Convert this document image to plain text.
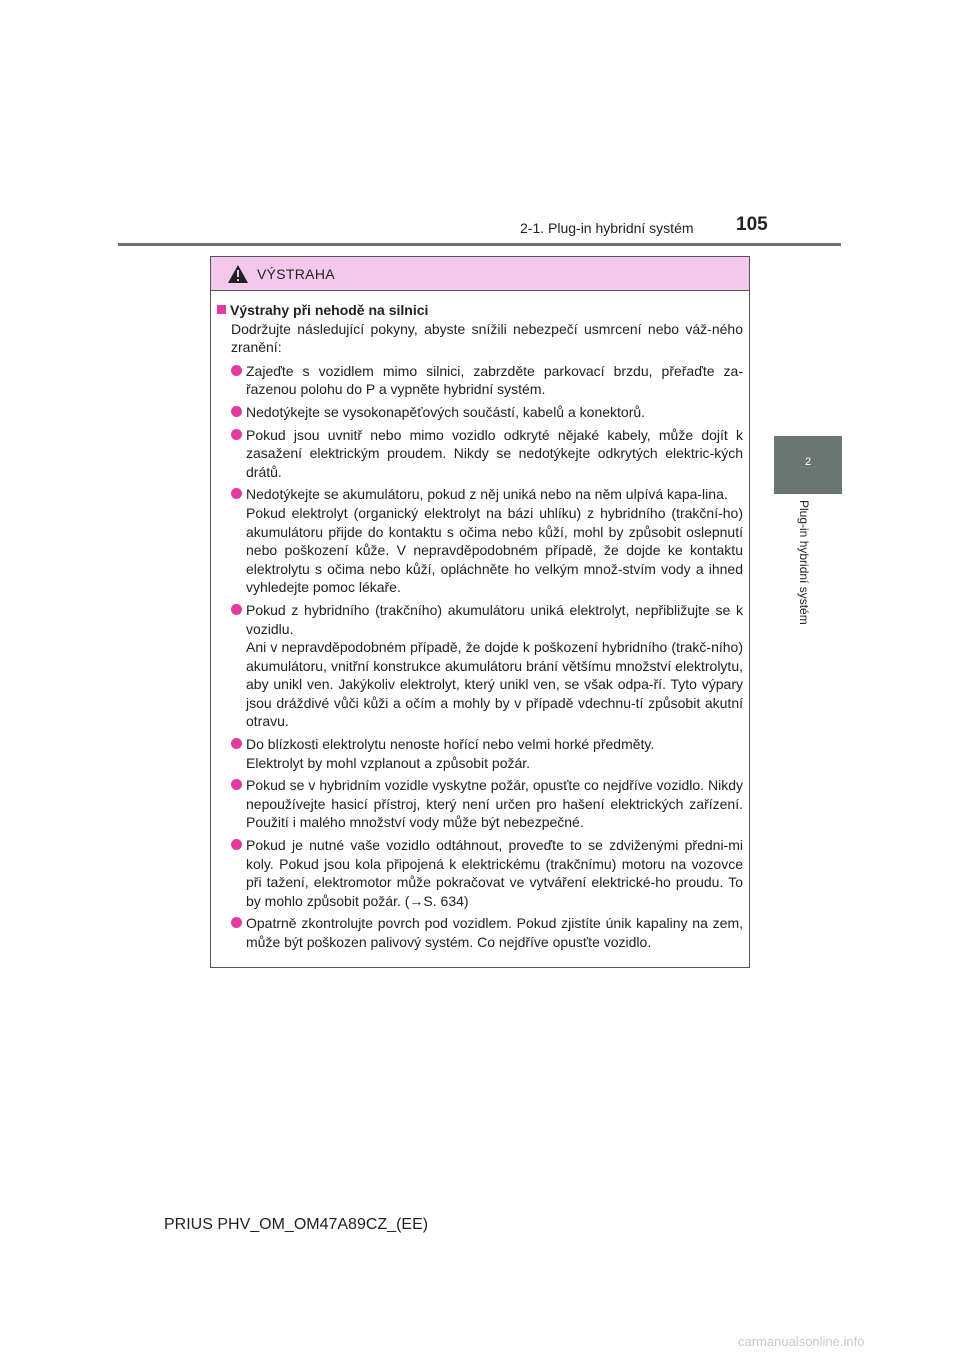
2-1. Plug-in hybridní systém	105
2
Plug-in hybridní systém
VÝSTRAHA
Výstrahy při nehodě na silnici
Dodržujte následující pokyny, abyste snížili nebezpečí usmrcení nebo váž-ného zranění:

Zajeďte s vozidlem mimo silnici, zabrzděte parkovací brzdu, přeřaďte za-řazenou polohu do P a vypněte hybridní systém.

Nedotýkejte se vysokonapěťových součástí, kabelů a konektorů.

Pokud jsou uvnitř nebo mimo vozidlo odkryté nějaké kabely, může dojít k zasažení elektrickým proudem. Nikdy se nedotýkejte odkrytých elektric-kých drátů.

Nedotýkejte se akumulátoru, pokud z něj uniká nebo na něm ulpívá kapa-lina.

Pokud elektrolyt (organický elektrolyt na bázi uhlíku) z hybridního (trakční-ho) akumulátoru přijde do kontaktu s očima nebo kůží, mohl by způsobit oslepnutí nebo poškození kůže. V nepravděpodobném případě, že dojde ke kontaktu elektrolytu s očima nebo kůží, opláchněte ho velkým množ-stvím vody a ihned vyhledejte pomoc lékaře.

Pokud z hybridního (trakčního) akumulátoru uniká elektrolyt, nepřibližujte se k vozidlu.

Ani v nepravděpodobném případě, že dojde k poškození hybridního (trakč-ního) akumulátoru, vnitřní konstrukce akumulátoru brání většímu množství elektrolytu, aby unikl ven. Jakýkoliv elektrolyt, který unikl ven, se však odpa-ří. Tyto výpary jsou dráždivé vůči kůži a očím a mohly by v případě vdechnu-tí způsobit akutní otravu.

Do blízkosti elektrolytu nenoste hořící nebo velmi horké předměty.

Elektrolyt by mohl vzplanout a způsobit požár.

Pokud se v hybridním vozidle vyskytne požár, opusťte co nejdříve vozidlo. Nikdy nepoužívejte hasicí přístroj, který není určen pro hašení elektrických zařízení. Použití i malého množství vody může být nebezpečné.

Pokud je nutné vaše vozidlo odtáhnout, proveďte to se zdviženými předni-mi koly. Pokud jsou kola připojená k elektrickému (trakčnímu) motoru na vozovce při tažení, elektromotor může pokračovat ve vytváření elektrické-ho proudu. To by mohlo způsobit požár. (→S. 634)

Opatrně zkontrolujte povrch pod vozidlem. Pokud zjistíte únik kapaliny na zem, může být poškozen palivový systém. Co nejdříve opusťte vozidlo.

PRIUS PHV_OM_OM47A89CZ_(EE)
carmanualsonline.info
